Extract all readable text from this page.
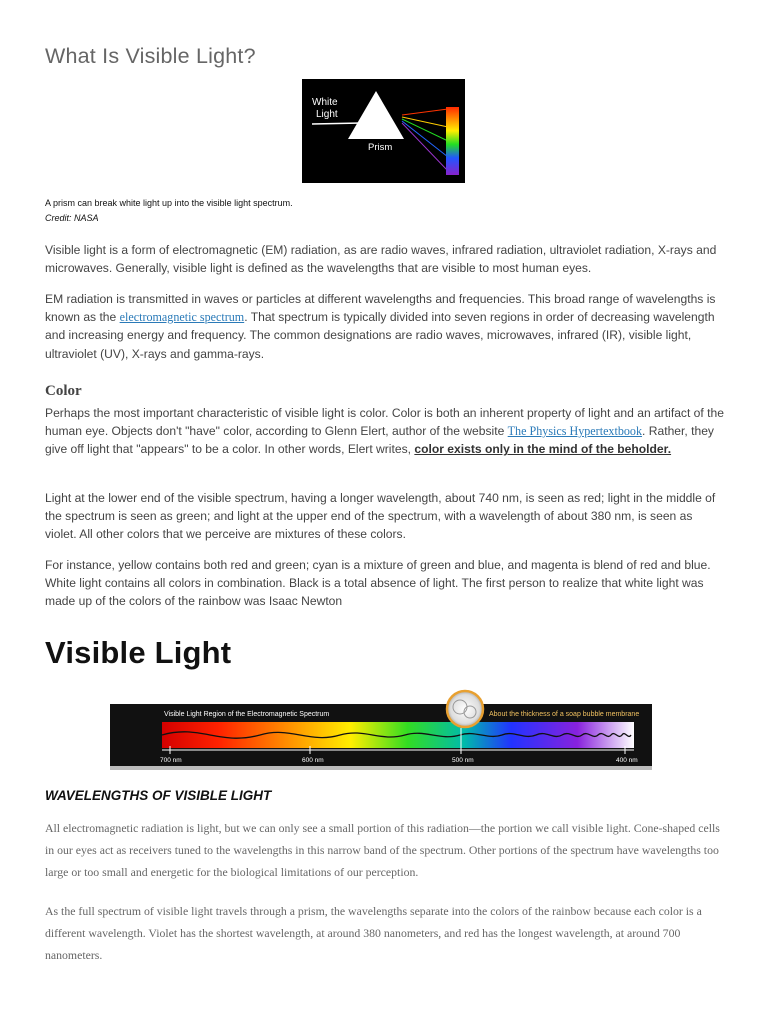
What Is Visible Light?
White
Light
Prism
A prism can break white light up into the visible light spectrum.
Credit: NASA

Visible light is a form of electromagnetic (EM) radiation, as are radio waves, infrared radiation, ultraviolet radiation, X-rays and microwaves. Generally, visible light is defined as the wavelengths that are visible to most human eyes.

EM radiation is transmitted in waves or particles at different wavelengths and frequencies. This broad range of wavelengths is known as the electromagnetic spectrum. That spectrum is typically divided into seven regions in order of decreasing wavelength and increasing energy and frequency. The common designations are radio waves, microwaves, infrared (IR), visible light, ultraviolet (UV), X-rays and gamma-rays.

Color

Perhaps the most important characteristic of visible light is color. Color is both an inherent property of light and an artifact of the human eye. Objects don't "have" color, according to Glenn Elert, author of the website The Physics Hypertextbook. Rather, they give off light that "appears" to be a color. In other words, Elert writes, color exists only in the mind of the beholder.

Light at the lower end of the visible spectrum, having a longer wavelength, about 740 nm, is seen as red; light in the middle of the spectrum is seen as green; and light at the upper end of the spectrum, with a wavelength of about 380 nm, is seen as violet. All other colors that we perceive are mixtures of these colors.

For instance, yellow contains both red and green; cyan is a mixture of green and blue, and magenta is blend of red and blue. White light contains all colors in combination. Black is a total absence of light. The first person to realize that white light was made up of the colors of the rainbow was Isaac Newton

Visible Light
Visible Light Region of the Electromagnetic Spectrum	About the thickness of a soap bubble membrane
700 nm	600 nm	500 nm	400 nm
WAVELENGTHS OF VISIBLE LIGHT

All electromagnetic radiation is light, but we can only see a small portion of this radiation—the portion we call visible light. Cone-shaped cells in our eyes act as receivers tuned to the wavelengths in this narrow band of the spectrum. Other portions of the spectrum have wavelengths too large or too small and energetic for the biological limitations of our perception.

As the full spectrum of visible light travels through a prism, the wavelengths separate into the colors of the rainbow because each color is a different wavelength. Violet has the shortest wavelength, at around 380 nanometers, and red has the longest wavelength, at around 700 nanometers.
